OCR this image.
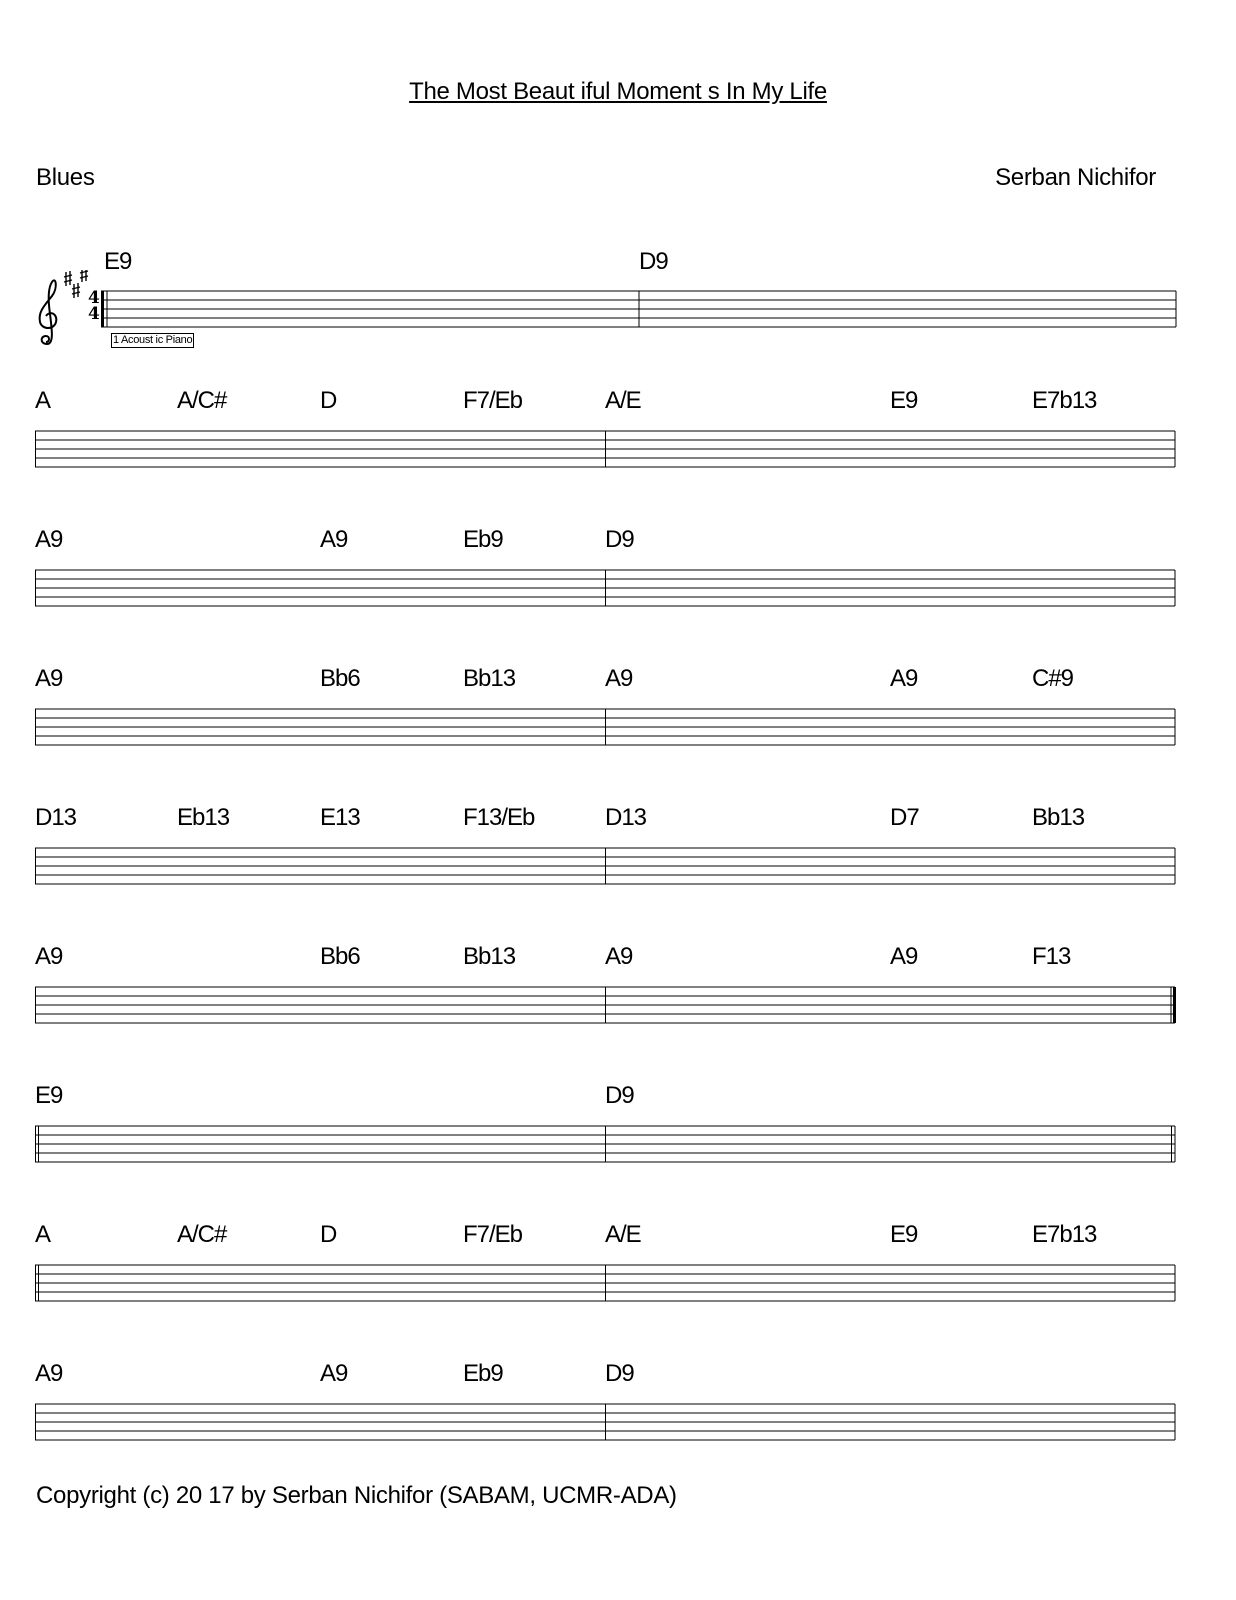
The Most Beaut iful Moment s In My Life
Blues	Serban Nichifor
E9	D9
4
4
1 Acoust ic Piano
A	A/C#	D	F7/Eb	A/E	E9	E7b13
A9	A9	Eb9	D9
A9	Bb6	Bb13	A9	A9	C#9
D13	Eb13	E13	F13/Eb	D13	D7	Bb13
A9	Bb6	Bb13	A9	A9	F13
E9	D9
A	A/C#	D	F7/Eb	A/E	E9	E7b13
A9	A9	Eb9	D9
Copyright (c) 20 17 by Serban Nichifor (SABAM, UCMR-ADA)
